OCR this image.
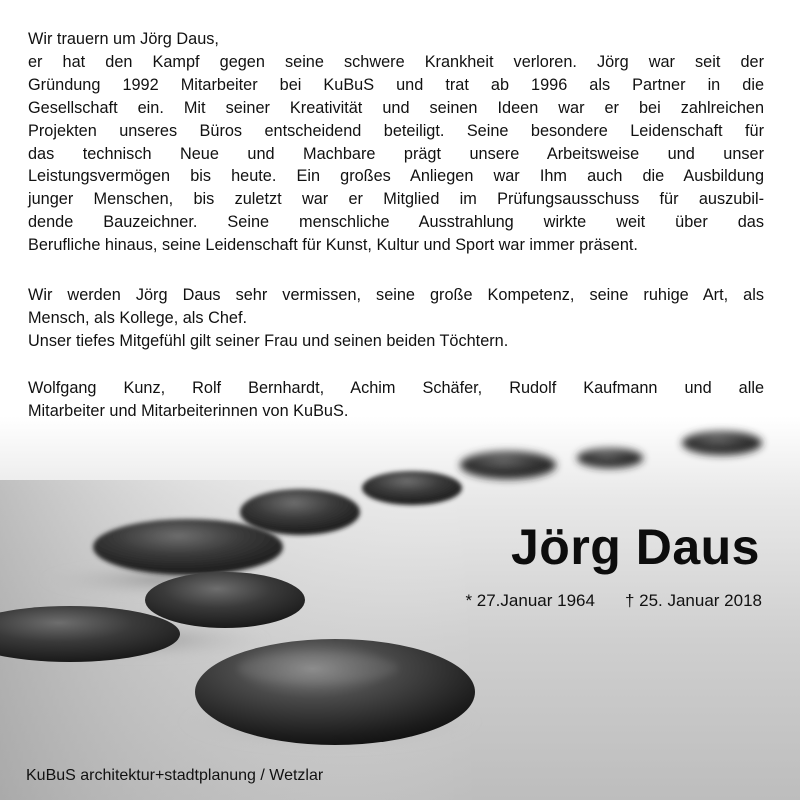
Wir trauern um Jörg Daus,
er hat den Kampf gegen seine schwere Krankheit verloren. Jörg war seit der
Gründung 1992 Mitarbeiter bei KuBuS und trat ab 1996 als Partner in die
Gesellschaft ein. Mit seiner Kreativität und seinen Ideen war er bei zahlreichen
Projekten unseres Büros entscheidend beteiligt. Seine besondere Leidenschaft für
das technisch Neue und Machbare prägt unsere Arbeitsweise und unser
Leistungsvermögen bis heute. Ein großes Anliegen war Ihm auch die Ausbildung
junger Menschen, bis zuletzt war er Mitglied im Prüfungsausschuss für auszubil-
dende Bauzeichner. Seine menschliche Ausstrahlung wirkte weit über das
Berufliche hinaus, seine Leidenschaft für Kunst, Kultur und Sport war immer präsent.
Wir werden Jörg Daus sehr vermissen, seine große Kompetenz, seine ruhige Art, als
Mensch, als Kollege, als Chef.
Unser tiefes Mitgefühl gilt seiner Frau und seinen beiden Töchtern.
Wolfgang Kunz, Rolf Bernhardt, Achim Schäfer, Rudolf Kaufmann und alle
Mitarbeiter und Mitarbeiterinnen von KuBuS.
Jörg Daus
* 27.Januar 1964 † 25. Januar 2018
KuBuS architektur+stadtplanung / Wetzlar
